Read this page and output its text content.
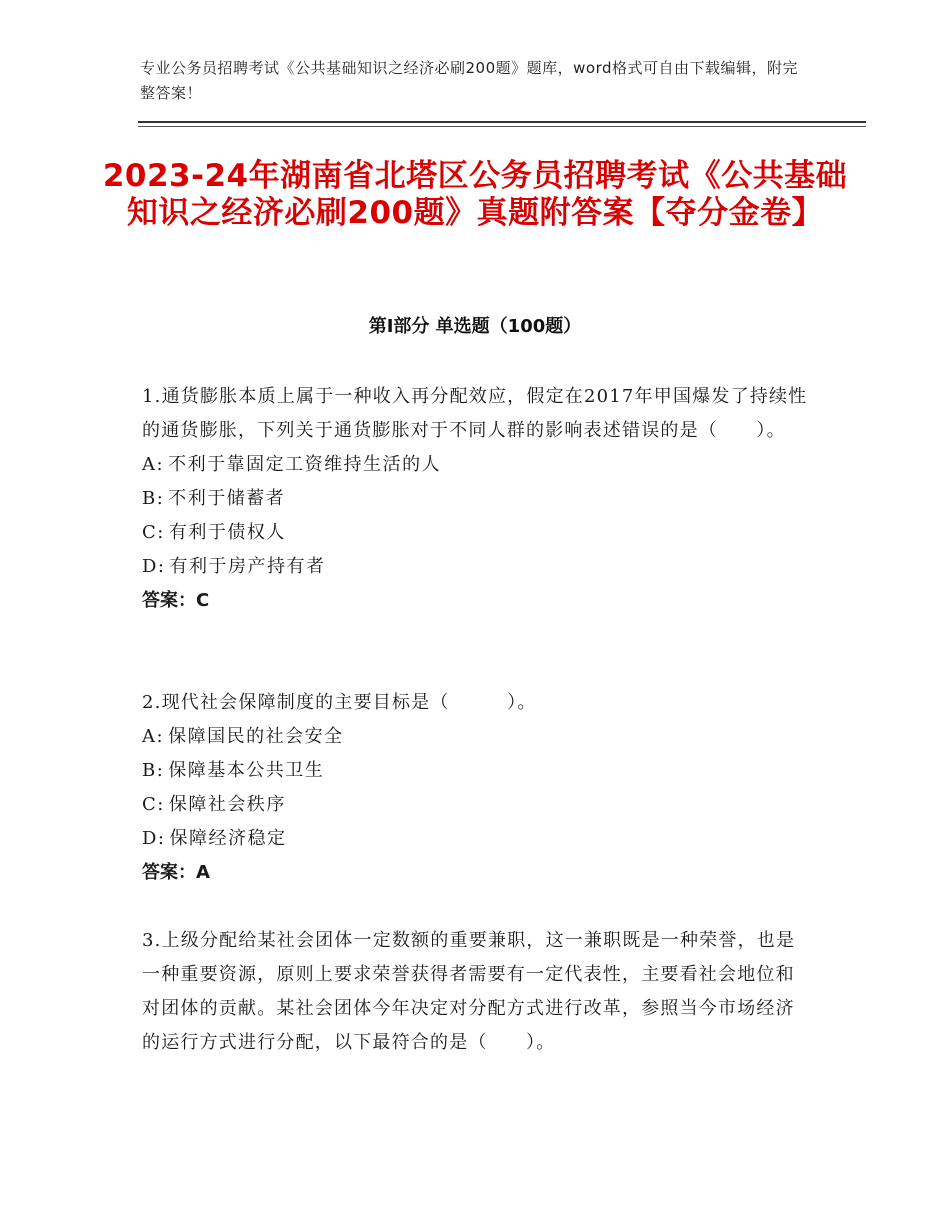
专业公务员招聘考试《公共基础知识之经济必刷200题》题库，word格式可自由下载编辑，附完整答案！
2023-24年湖南省北塔区公务员招聘考试《公共基础知识之经济必刷200题》真题附答案【夺分金卷】
第I部分 单选题（100题）

1.通货膨胀本质上属于一种收入再分配效应，假定在2017年甲国爆发了持续性的通货膨胀，下列关于通货膨胀对于不同人群的影响表述错误的是（　　）。

A: 不利于靠固定工资维持生活的人

B: 不利于储蓄者

C: 有利于债权人

D: 有利于房产持有者

答案：C

2.现代社会保障制度的主要目标是（　　　）。

A: 保障国民的社会安全

B: 保障基本公共卫生

C: 保障社会秩序

D: 保障经济稳定

答案：A

3.上级分配给某社会团体一定数额的重要兼职，这一兼职既是一种荣誉，也是一种重要资源，原则上要求荣誉获得者需要有一定代表性，主要看社会地位和对团体的贡献。某社会团体今年决定对分配方式进行改革，参照当今市场经济的运行方式进行分配，以下最符合的是（　　）。
